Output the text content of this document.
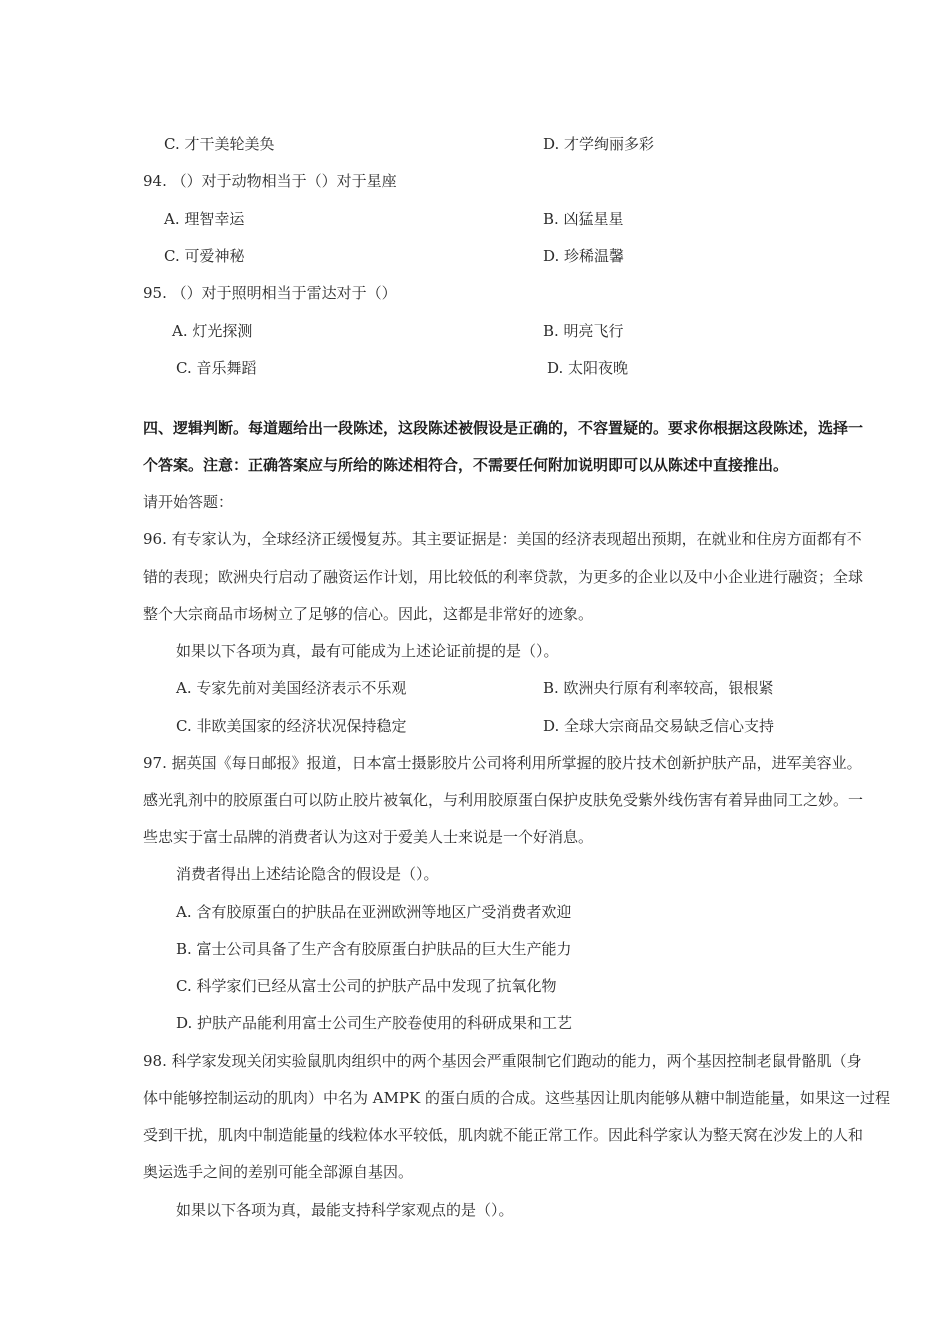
C. 才干美轮美奂	D. 才学绚丽多彩
94. （）对于动物相当于（）对于星座
A. 理智幸运	B. 凶猛星星
C. 可爱神秘	D. 珍稀温馨
95. （）对于照明相当于雷达对于（）
A. 灯光探测	B. 明亮飞行
C. 音乐舞蹈	D. 太阳夜晚
四、逻辑判断。每道题给出一段陈述，这段陈述被假设是正确的，不容置疑的。要求你根据这段陈述，选择一
个答案。注意：正确答案应与所给的陈述相符合，不需要任何附加说明即可以从陈述中直接推出。
请开始答题：
96. 有专家认为，全球经济正缓慢复苏。其主要证据是：美国的经济表现超出预期，在就业和住房方面都有不
错的表现；欧洲央行启动了融资运作计划，用比较低的利率贷款，为更多的企业以及中小企业进行融资；全球
整个大宗商品市场树立了足够的信心。因此，这都是非常好的迹象。
如果以下各项为真，最有可能成为上述论证前提的是（）。
A. 专家先前对美国经济表示不乐观	B. 欧洲央行原有利率较高，银根紧
C. 非欧美国家的经济状况保持稳定	D. 全球大宗商品交易缺乏信心支持
97. 据英国《每日邮报》报道，日本富士摄影胶片公司将利用所掌握的胶片技术创新护肤产品，进军美容业。
感光乳剂中的胶原蛋白可以防止胶片被氧化，与利用胶原蛋白保护皮肤免受紫外线伤害有着异曲同工之妙。一
些忠实于富士品牌的消费者认为这对于爱美人士来说是一个好消息。
消费者得出上述结论隐含的假设是（）。
A. 含有胶原蛋白的护肤品在亚洲欧洲等地区广受消费者欢迎
B. 富士公司具备了生产含有胶原蛋白护肤品的巨大生产能力
C. 科学家们已经从富士公司的护肤产品中发现了抗氧化物
D. 护肤产品能利用富士公司生产胶卷使用的科研成果和工艺
98. 科学家发现关闭实验鼠肌肉组织中的两个基因会严重限制它们跑动的能力，两个基因控制老鼠骨骼肌（身
体中能够控制运动的肌肉）中名为 AMPK 的蛋白质的合成。这些基因让肌肉能够从糖中制造能量，如果这一过程
受到干扰，肌肉中制造能量的线粒体水平较低，肌肉就不能正常工作。因此科学家认为整天窝在沙发上的人和
奥运选手之间的差别可能全部源自基因。
如果以下各项为真，最能支持科学家观点的是（）。
